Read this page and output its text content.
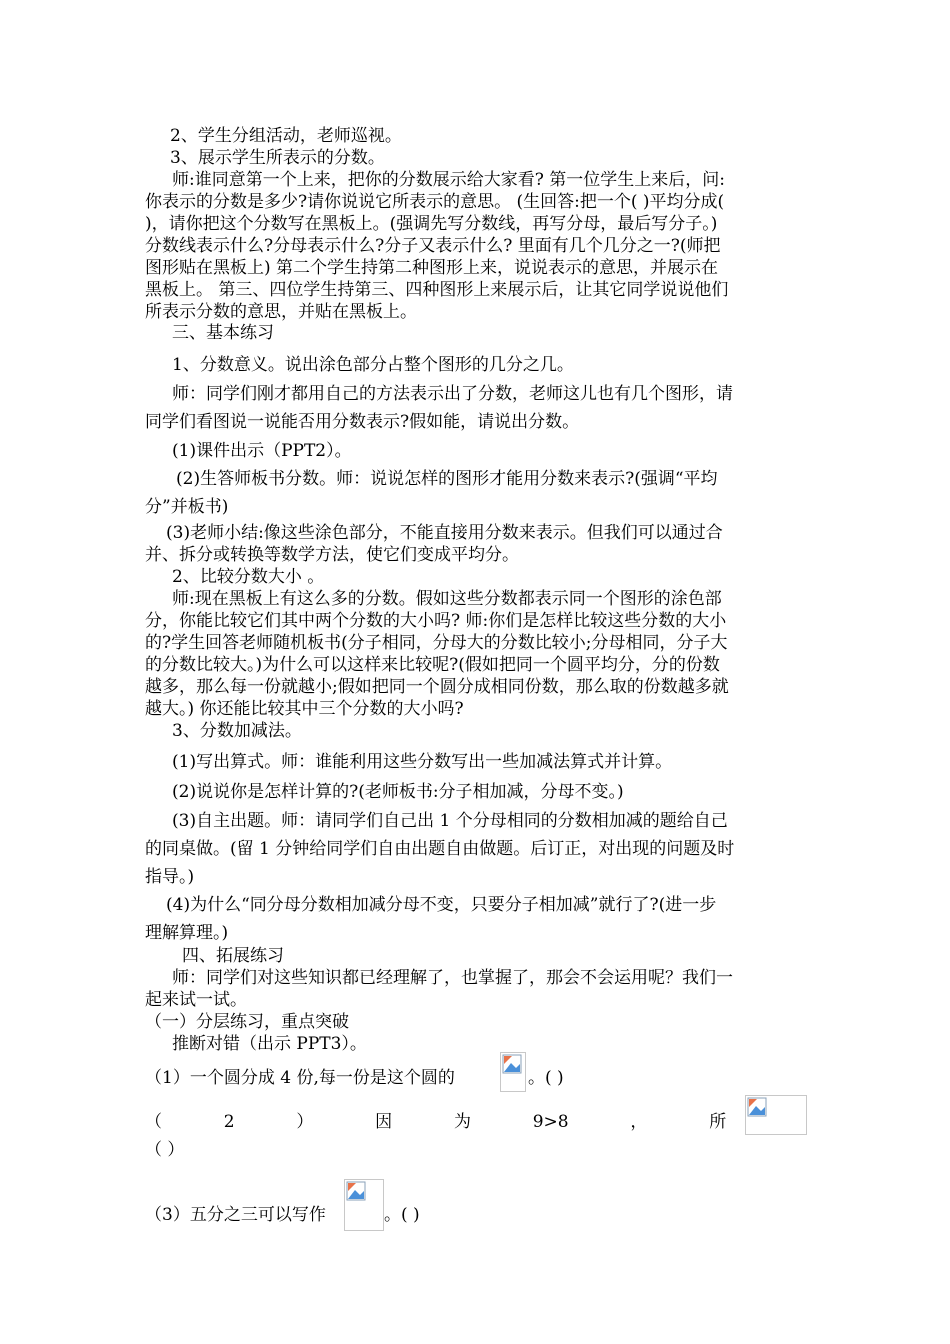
2、学生分组活动，老师巡视。
3、展示学生所表示的分数。
师:谁同意第一个上来，把你的分数展示给大家看? 第一位学生上来后，问:
你表示的分数是多少?请你说说它所表示的意思。 (生回答:把一个( )平均分成(
)，请你把这个分数写在黑板上。(强调先写分数线，再写分母，最后写分子。)
分数线表示什么?分母表示什么?分子又表示什么? 里面有几个几分之一?(师把
图形贴在黑板上) 第二个学生持第二种图形上来，说说表示的意思，并展示在
黑板上。 第三、四位学生持第三、四种图形上来展示后，让其它同学说说他们
所表示分数的意思，并贴在黑板上。
三、基本练习
1、分数意义。说出涂色部分占整个图形的几分之几。
师：同学们刚才都用自己的方法表示出了分数，老师这儿也有几个图形，请
同学们看图说一说能否用分数表示?假如能，请说出分数。
(1)课件出示（PPT2）。
(2)生答师板书分数。师：说说怎样的图形才能用分数来表示?(强调“平均
分”并板书)
(3)老师小结:像这些涂色部分，不能直接用分数来表示。但我们可以通过合
并、拆分或转换等数学方法，使它们变成平均分。
2、比较分数大小 。
师:现在黑板上有这么多的分数。假如这些分数都表示同一个图形的涂色部
分，你能比较它们其中两个分数的大小吗? 师:你们是怎样比较这些分数的大小
的?学生回答老师随机板书(分子相同，分母大的分数比较小;分母相同，分子大
的分数比较大。)为什么可以这样来比较呢?(假如把同一个圆平均分，分的份数
越多，那么每一份就越小;假如把同一个圆分成相同份数，那么取的份数越多就
越大。) 你还能比较其中三个分数的大小吗?
3、分数加减法。
(1)写出算式。师：谁能利用这些分数写出一些加减法算式并计算。
(2)说说你是怎样计算的?(老师板书:分子相加减，分母不变。)
(3)自主出题。师：请同学们自己出 1 个分母相同的分数相加减的题给自己
的同桌做。(留 1 分钟给同学们自由出题自由做题。后订正，对出现的问题及时
指导。)
(4)为什么“同分母分数相加减分母不变，只要分子相加减”就行了?(进一步
理解算理。)
四、拓展练习
师：同学们对这些知识都已经理解了，也掌握了，那会不会运用呢？我们一
起来试一试。
（一）分层练习，重点突破
推断对错（出示 PPT3）。
（1）一个圆分成 4 份,每一份是这个圆的	。( )
（	2	）	因	为	9>8	，	所
（ ）
（3）五分之三可以写作	。( )
